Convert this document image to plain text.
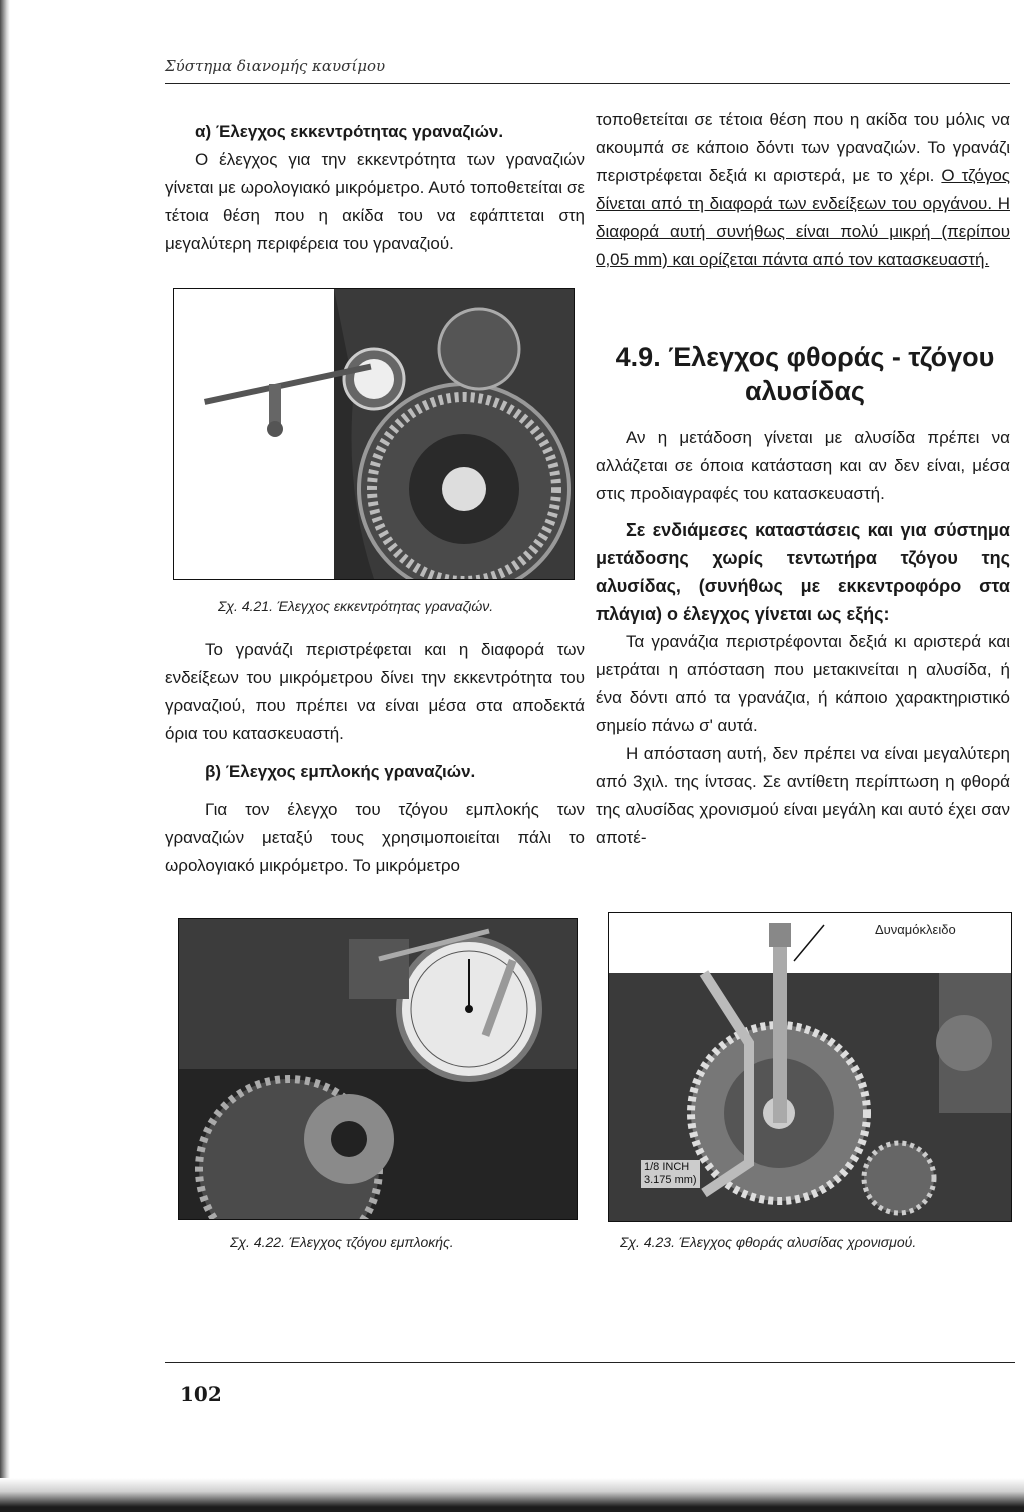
Σύστημα διανομής καυσίμου
α) Έλεγχος εκκεντρότητας γραναζιών.

Ο έλεγχος για την εκκεντρότητα των γραναζιών γίνεται με ωρολογιακό μικρόμετρο. Αυτό τοποθετείται σε τέτοια θέση που η ακίδα του να εφάπτεται στη μεγαλύτερη περιφέρεια του γραναζιού.

Σχ. 4.21. Έλεγχος εκκεντρότητας γραναζιών.

Το γρανάζι περιστρέφεται και η διαφορά των ενδείξεων του μικρόμετρου δίνει την εκκεντρότητα του γραναζιού, που πρέπει να είναι μέσα στα αποδεκτά όρια του κατασκευαστή.

β) Έλεγχος εμπλοκής γραναζιών.

Για τον έλεγχο του τζόγου εμπλοκής των γραναζιών μεταξύ τους χρησιμοποιείται πάλι το ωρολογιακό μικρόμετρο. Το μικρόμετρο

Σχ. 4.22. Έλεγχος τζόγου εμπλοκής.

τοποθετείται σε τέτοια θέση που η ακίδα του μόλις να ακουμπά σε κάποιο δόντι των γραναζιών. Το γρανάζι περιστρέφεται δεξιά κι αριστερά, με το χέρι. Ο τζόγος δίνεται από τη διαφορά των ενδείξεων του οργάνου. Η διαφορά αυτή συνήθως είναι πολύ μικρή (περίπου 0,05 mm) και ορίζεται πάντα από τον κατασκευαστή.

4.9. Έλεγχος φθοράς - τζόγου αλυσίδας

Αν η μετάδοση γίνεται με αλυσίδα πρέπει να αλλάζεται σε όποια κατάσταση και αν δεν είναι, μέσα στις προδιαγραφές του κατασκευαστή.

Σε ενδιάμεσες καταστάσεις και για σύστημα μετάδοσης χωρίς τεντωτήρα τζόγου της αλυσίδας, (συνήθως με εκκεντροφόρο στα πλάγια) ο έλεγχος γίνεται ως εξής:

Τα γρανάζια περιστρέφονται δεξιά κι αριστερά και μετράται η απόσταση που μετακινείται η αλυσίδα, ή ένα δόντι από τα γρανάζια, ή κάποιο χαρακτηριστικό σημείο πάνω σ' αυτά.

Η απόσταση αυτή, δεν πρέπει να είναι μεγαλύτερη από 3χιλ. της ίντσας. Σε αντίθετη περίπτωση η φθορά της αλυσίδας χρονισμού είναι μεγάλη και αυτό έχει σαν αποτέ-

Δυναμόκλειδο
1/8 INCH
3.175 mm)
Σχ. 4.23. Έλεγχος φθοράς αλυσίδας χρονισμού.
102
